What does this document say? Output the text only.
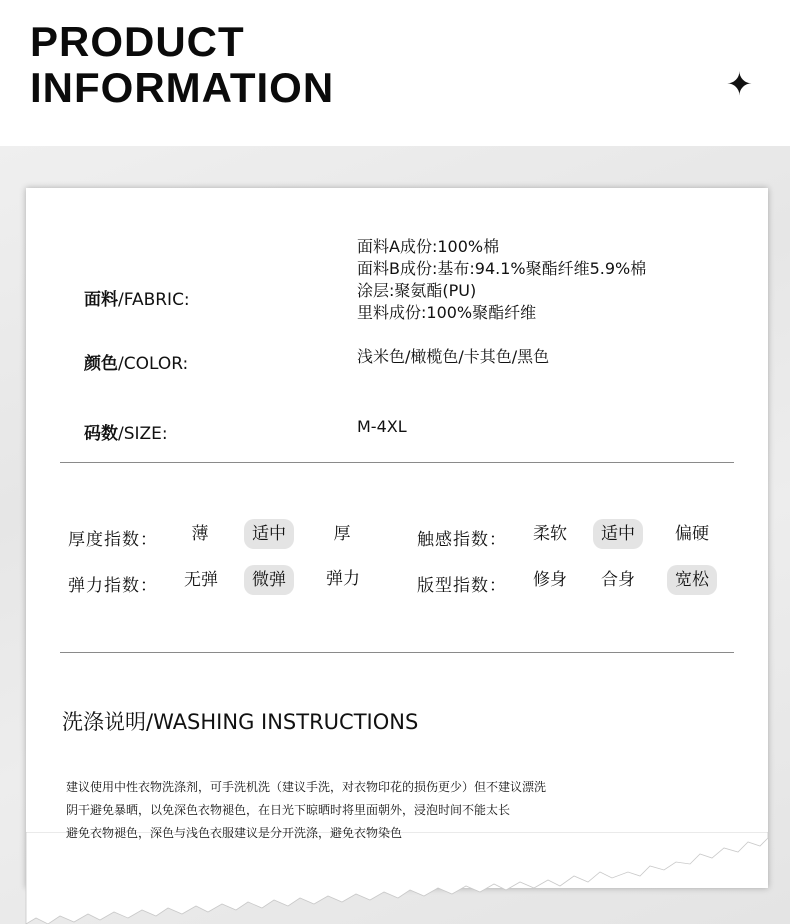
PRODUCT
INFORMATION	✦
面料/FABRIC:
面料A成份:100%棉
面料B成份:基布:94.1%聚酯纤维5.9%棉
涂层:聚氨酯(PU)
里料成份:100%聚酯纤维
颜色/COLOR:	浅米色/橄榄色/卡其色/黑色
码数/SIZE:	M-4XL
厚度指数：	薄	适中	厚	触感指数：	柔软	适中	偏硬
弹力指数：	无弹	微弹	弹力	版型指数：	修身	合身	宽松
洗涤说明/WASHING INSTRUCTIONS
建议使用中性衣物洗涤剂，可手洗机洗（建议手洗，对衣物印花的损伤更少）但不建议漂洗
阴干避免暴晒，以免深色衣物褪色，在日光下晾晒时将里面朝外，浸泡时间不能太长
避免衣物褪色，深色与浅色衣服建议是分开洗涤，避免衣物染色
